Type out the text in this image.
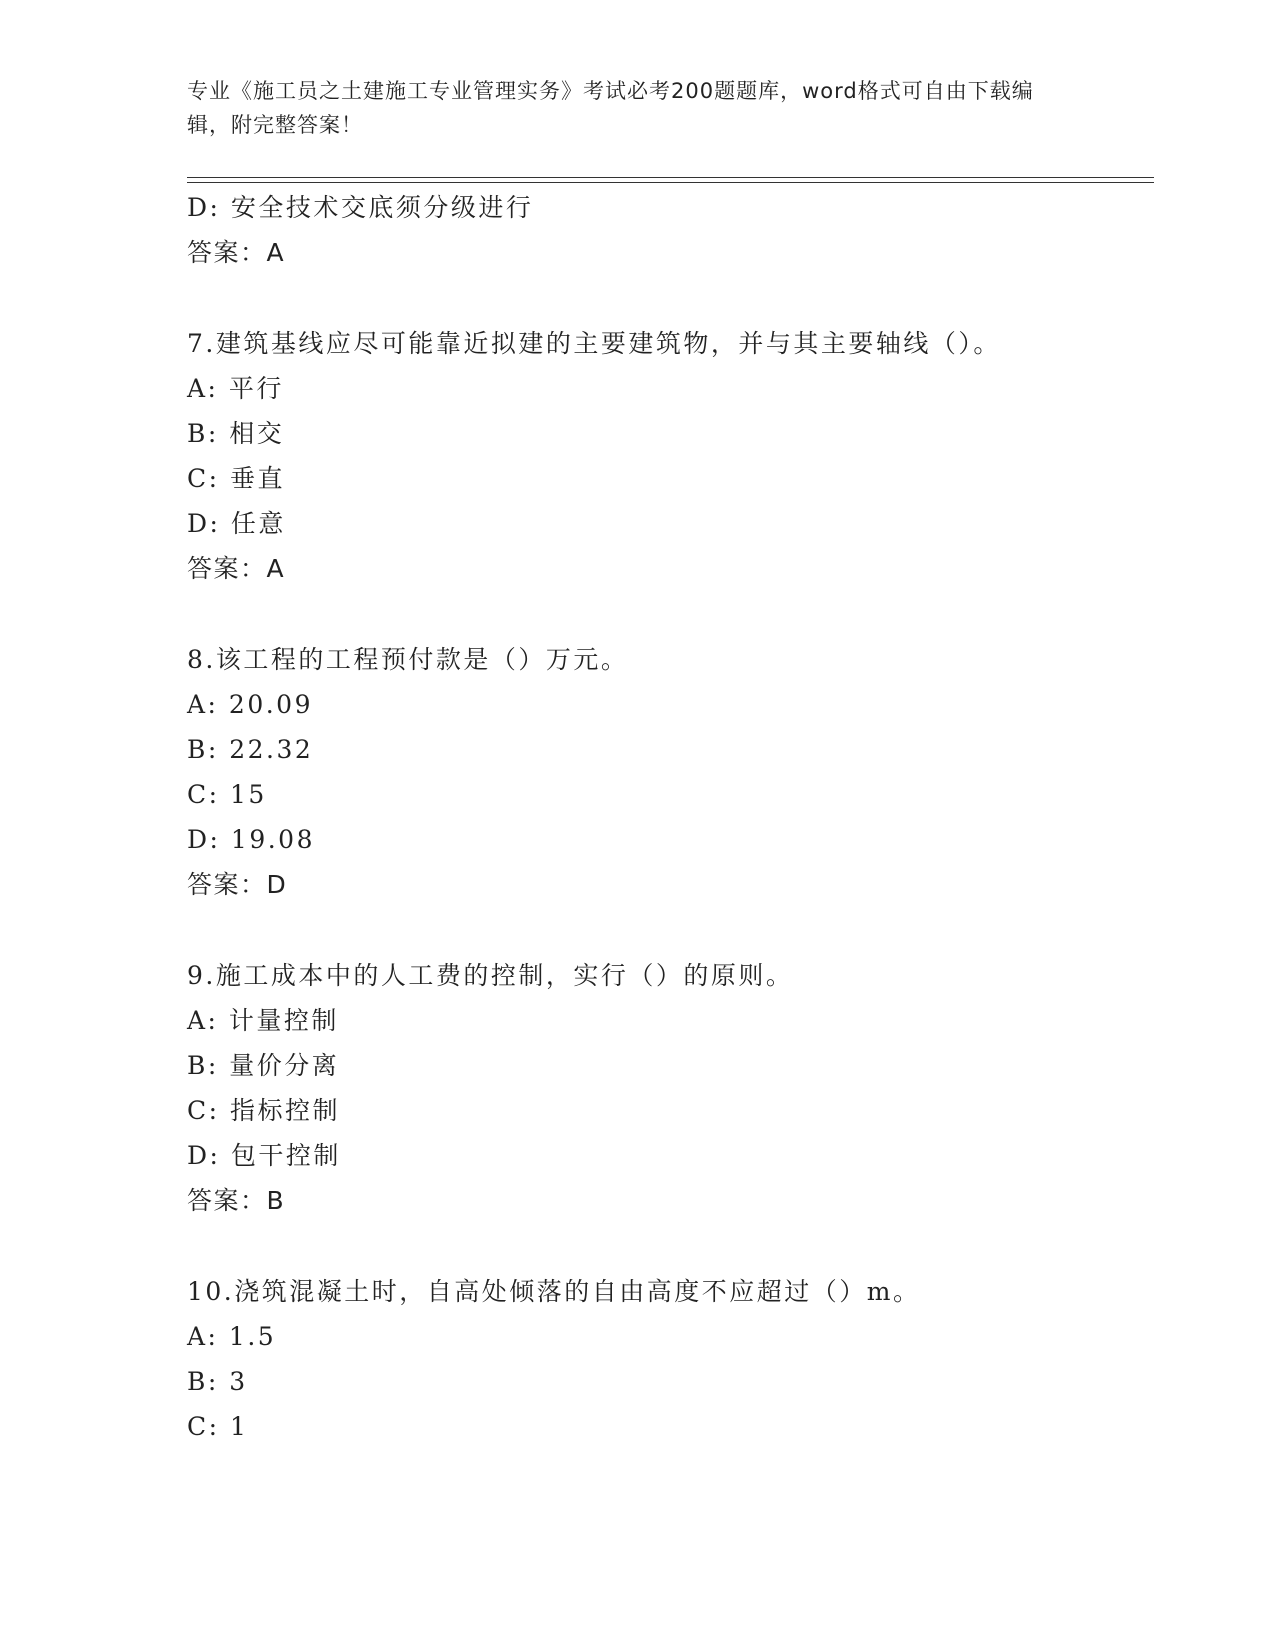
专业《施工员之土建施工专业管理实务》考试必考200题题库，word格式可自由下载编辑，附完整答案！

D: 安全技术交底须分级进行

答案：A

7.建筑基线应尽可能靠近拟建的主要建筑物，并与其主要轴线（）。

A: 平行

B: 相交

C: 垂直

D: 任意

答案：A

8.该工程的工程预付款是（）万元。

A: 20.09

B: 22.32

C: 15

D: 19.08

答案：D

9.施工成本中的人工费的控制，实行（）的原则。

A: 计量控制

B: 量价分离

C: 指标控制

D: 包干控制

答案：B

10.浇筑混凝土时，自高处倾落的自由高度不应超过（）m。

A: 1.5

B: 3

C: 1
